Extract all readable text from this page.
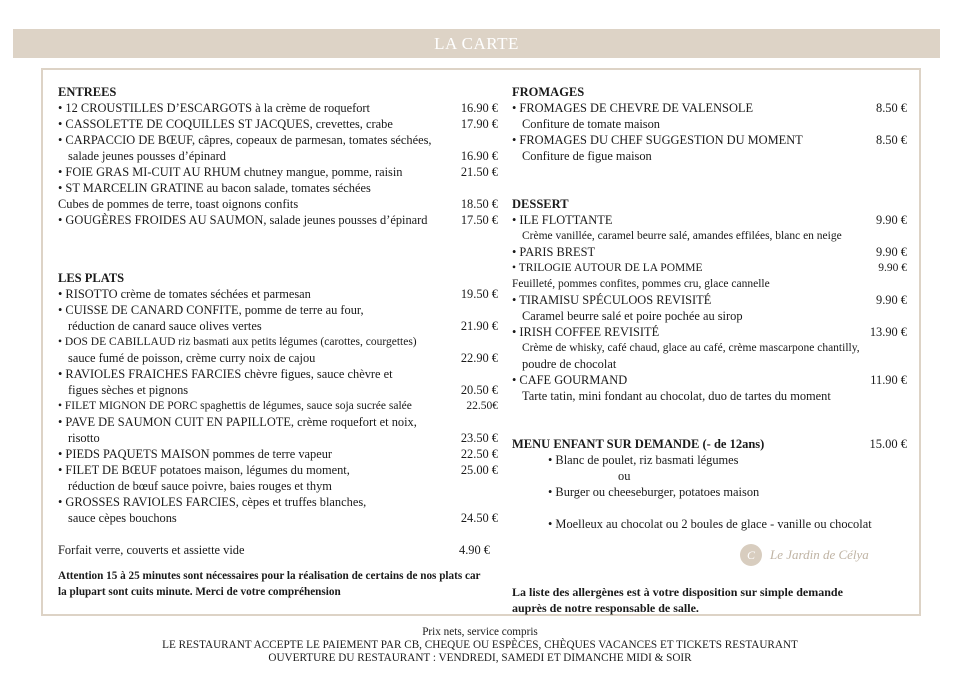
LA CARTE
ENTREES
• 12 CROUSTILLES D’ESCARGOTS à la crème de roquefort	16.90 €
• CASSOLETTE DE COQUILLES ST JACQUES, crevettes, crabe	17.90 €
• CARPACCIO DE BŒUF, câpres, copeaux de parmesan, tomates séchées,
salade jeunes pousses d’épinard	16.90 €
• FOIE GRAS MI-CUIT AU RHUM chutney mangue, pomme, raisin	21.50 €
• ST MARCELIN GRATINE au bacon salade, tomates séchées
Cubes de pommes de terre, toast oignons confits	18.50 €
• GOUGÈRES FROIDES AU SAUMON, salade jeunes pousses d’épinard	17.50 €
LES PLATS
• RISOTTO crème de tomates séchées et parmesan	19.50 €
• CUISSE DE CANARD CONFITE, pomme de terre au four,
réduction de canard sauce olives vertes	21.90 €
• DOS DE CABILLAUD riz basmati aux petits légumes (carottes, courgettes)
sauce fumé de poisson, crème curry noix de cajou	22.90 €
• RAVIOLES FRAICHES FARCIES chèvre figues, sauce chèvre et
figues sèches et pignons	20.50 €
• FILET MIGNON DE PORC spaghettis de légumes, sauce soja sucrée salée	22.50€
• PAVE DE SAUMON CUIT EN PAPILLOTE, crème roquefort et noix,
risotto	23.50 €
• PIEDS PAQUETS MAISON pommes de terre vapeur	22.50 €
• FILET DE BŒUF potatoes maison, légumes du moment,	25.00 €
réduction de bœuf sauce poivre, baies rouges et thym
• GROSSES RAVIOLES FARCIES, cèpes et truffes blanches,
sauce cèpes bouchons	24.50 €
Forfait verre, couverts et assiette vide	4.90 €
Attention 15 à 25 minutes sont nécessaires pour la réalisation de certains de nos plats car
la plupart sont cuits minute. Merci de votre compréhension
FROMAGES
• FROMAGES DE CHEVRE DE VALENSOLE	8.50 €
Confiture de tomate maison
• FROMAGES DU CHEF SUGGESTION DU MOMENT	8.50 €
Confiture de figue maison
DESSERT
• ILE FLOTTANTE	9.90 €
Crème vanillée, caramel beurre salé, amandes effilées, blanc en neige
• PARIS BREST	9.90 €
• TRILOGIE AUTOUR DE LA POMME	9.90 €
Feuilleté, pommes confites, pommes cru, glace cannelle
• TIRAMISU SPÉCULOOS REVISITÉ	9.90 €
Caramel beurre salé et poire pochée au sirop
• IRISH COFFEE REVISITÉ	13.90 €
Crème de whisky, café chaud, glace au café, crème mascarpone chantilly,
poudre de chocolat
• CAFE GOURMAND	11.90 €
Tarte tatin, mini fondant au chocolat, duo de tartes du moment
MENU ENFANT SUR DEMANDE (- de 12ans)	15.00 €
• Blanc de poulet, riz basmati légumes
ou
• Burger ou cheeseburger, potatoes maison
• Moelleux au chocolat ou 2 boules de glace - vanille ou chocolat
La liste des allergènes est à votre disposition sur simple demande
auprès de notre responsable de salle.
C	Le Jardin de Célya
Prix nets, service compris
LE RESTAURANT ACCEPTE LE PAIEMENT PAR CB, CHEQUE OU ESPÈCES, CHÈQUES VACANCES ET TICKETS RESTAURANT
OUVERTURE DU RESTAURANT : VENDREDI, SAMEDI ET DIMANCHE MIDI & SOIR
